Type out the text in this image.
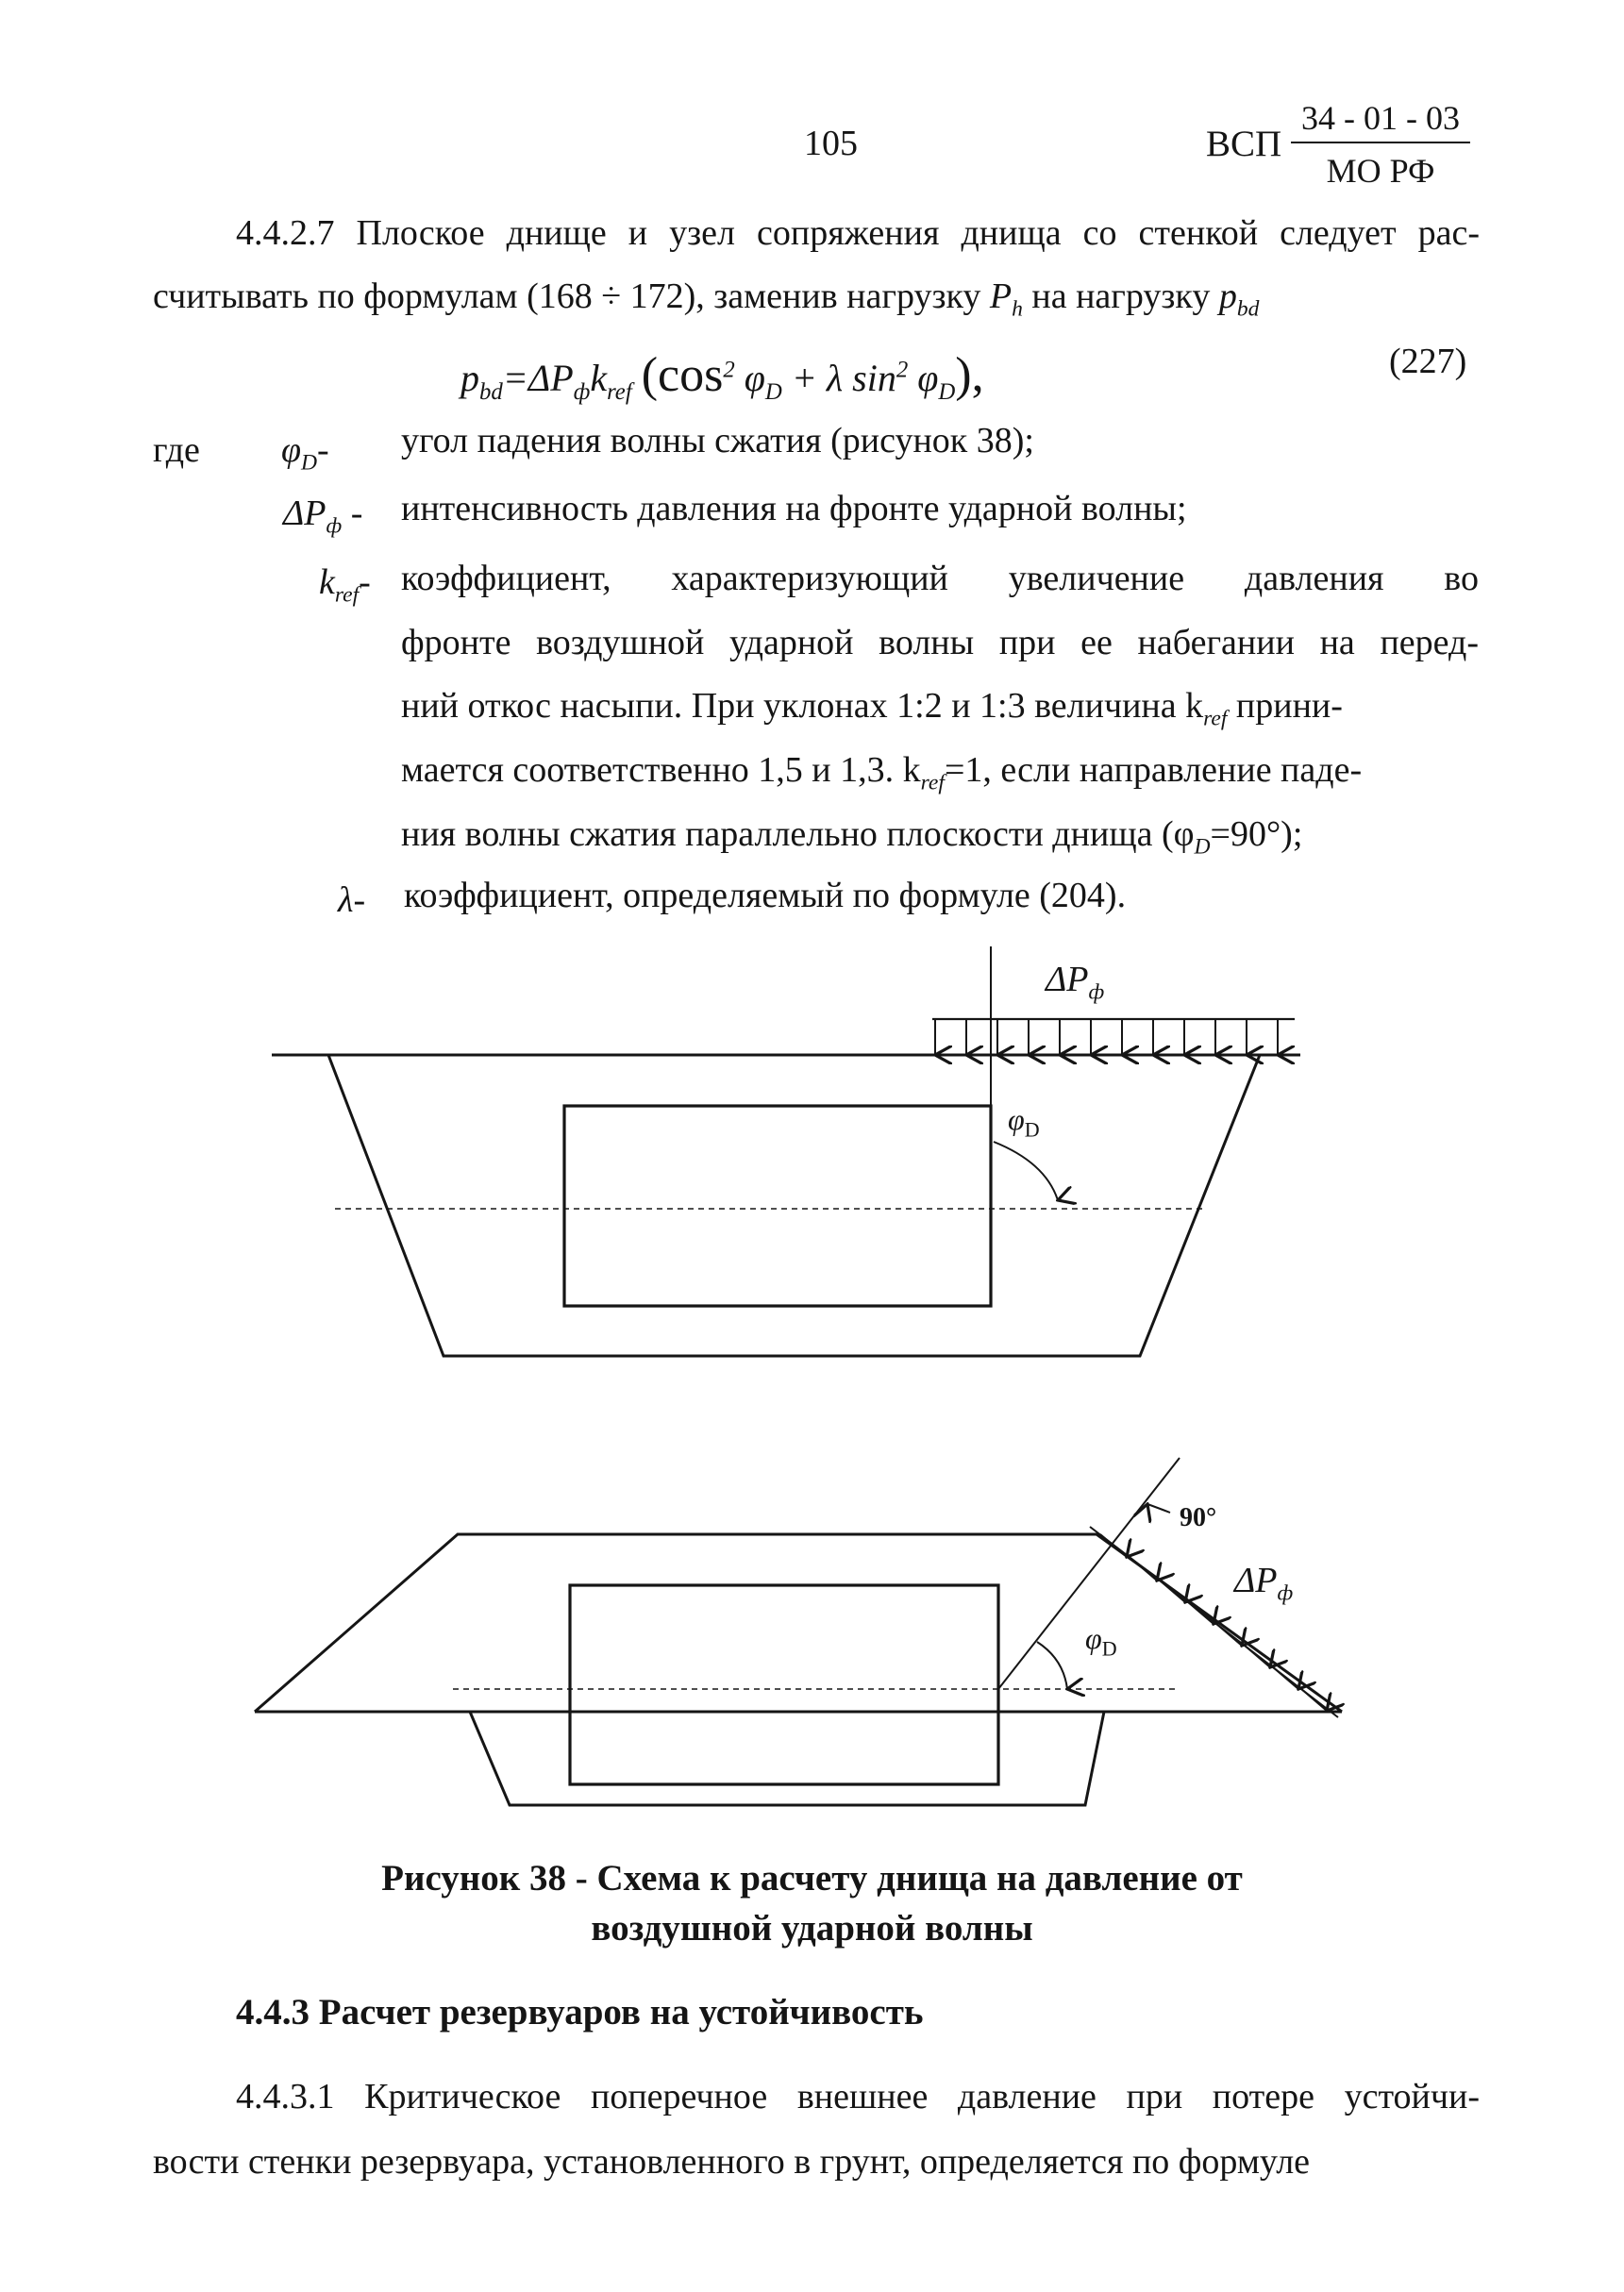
105	ВСП
34 - 01 - 03
МО РФ
4.4.2.7 Плоское днище и узел сопряжения днища со стенкой следует рас-
считывать по формулам (168 ÷ 172), заменив нагрузку $P_h$ на нагрузку $p_{bd}$
$p_{bd}=\Delta P_фk_{ref}$ ($\cos^2$ $\varphi_D + \lambda$ $\sin^2 \varphi_D$),	(227)
где $\varphi_D-$ угол падения волны сжатия (рисунок 38);
$\Delta P_ф$ - интенсивность давления на фронте ударной волны;
$k_{ref}-$ коэффициент, характеризующий увеличение давления во
фронте воздушной ударной волны при ее набегании на перед-
ний откос насыпи. При уклонах 1:2 и 1:3 величина $k_{ref}$ прини-
мается соответственно 1,5 и 1,3. $k_{ref}=1$, если направление паде-
ния волны сжатия параллельно плоскости днища $(\varphi_D=90^\circ)$;
λ- коэффициент, определяемый по формуле (204).
$\Delta P_ф$
$\varphi_D$
90°
$\Delta P_ф$
$\varphi_D$
Рисунок 38 - Схема к расчету днища на давление от
воздушной ударной волны
4.4.3 Расчет резервуаров на устойчивость
4.4.3.1 Критическое поперечное внешнее давление при потере устойчи-
вости стенки резервуара, установленного в грунт, определяется по формуле
